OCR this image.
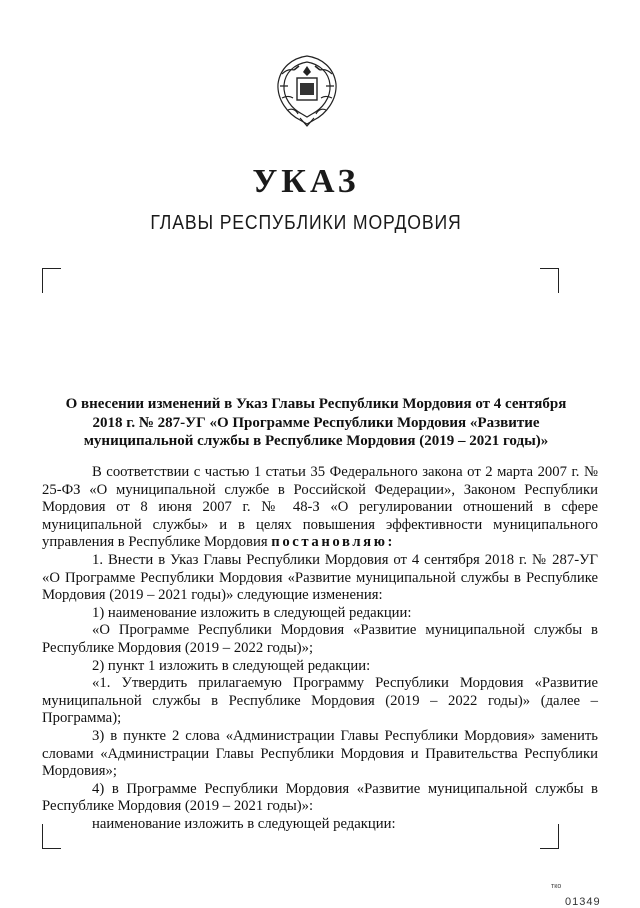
УКАЗ
ГЛАВЫ РЕСПУБЛИКИ МОРДОВИЯ
О внесении изменений в Указ Главы Республики Мордовия от 4 сентября 2018 г. № 287-УГ «О Программе Республики Мордовия «Развитие муниципальной службы в Республике Мордовия (2019 – 2021 годы)»

В соответствии с частью 1 статьи 35 Федерального закона от 2 марта 2007 г. № 25-ФЗ «О муниципальной службе в Российской Федерации», Законом Республики Мордовия от 8 июня 2007 г. № 48-З «О регулировании отношений в сфере муниципальной службы» и в целях повышения эффективности муниципального управления в Республике Мордовия постановляю:

1. Внести в Указ Главы Республики Мордовия от 4 сентября 2018 г. № 287-УГ «О Программе Республики Мордовия «Развитие муниципальной службы в Республике Мордовия (2019 – 2021 годы)» следующие изменения:

1) наименование изложить в следующей редакции:

«О Программе Республики Мордовия «Развитие муниципальной службы в Республике Мордовия (2019 – 2022 годы)»;

2) пункт 1 изложить в следующей редакции:

«1. Утвердить прилагаемую Программу Республики Мордовия «Развитие муниципальной службы в Республике Мордовия (2019 – 2022 годы)» (далее – Программа);

3) в пункте 2 слова «Администрации Главы Республики Мордовия» заменить словами «Администрации Главы Республики Мордовия и Правительства Республики Мордовия»;

4) в Программе Республики Мордовия «Развитие муниципальной службы в Республике Мордовия (2019 – 2021 годы)»:

наименование изложить в следующей редакции:

тко
01349
